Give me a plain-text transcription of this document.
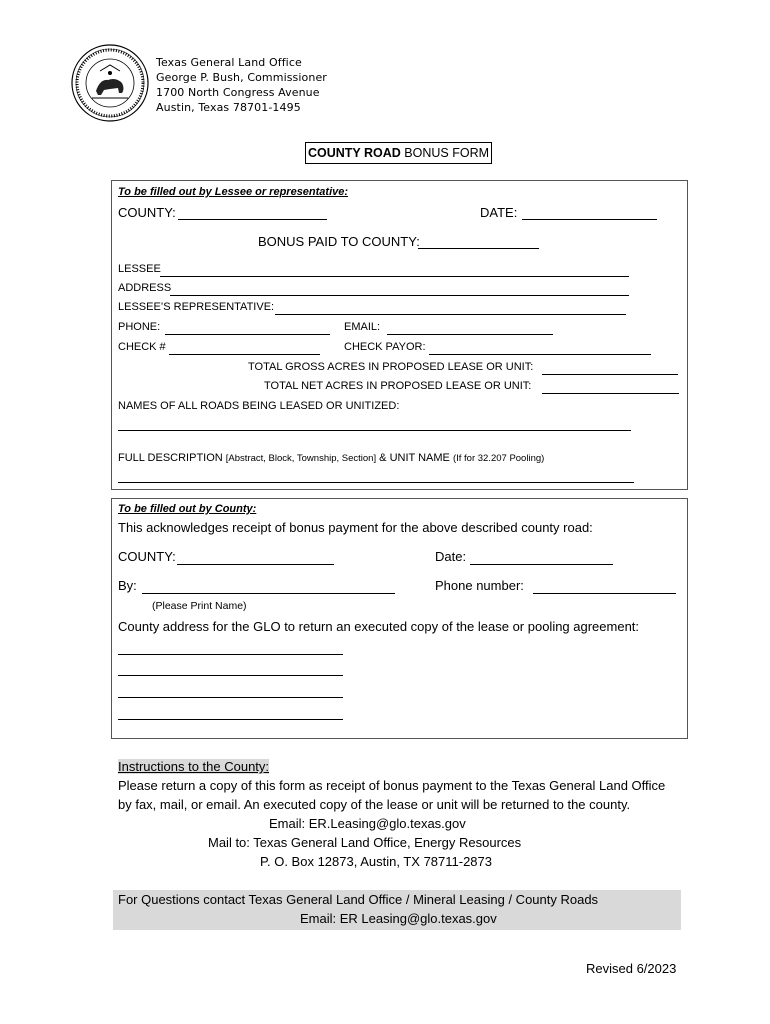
Texas General Land Office
George P. Bush, Commissioner
1700 North Congress Avenue
Austin, Texas 78701-1495
COUNTY ROAD BONUS FORM
To be filled out by Lessee or representative:
COUNTY:	DATE:
BONUS PAID TO COUNTY:
LESSEE
ADDRESS
LESSEE’S REPRESENTATIVE:
PHONE:	EMAIL:
CHECK #	CHECK PAYOR:
TOTAL GROSS ACRES IN PROPOSED LEASE OR UNIT:
TOTAL NET ACRES IN PROPOSED LEASE OR UNIT:
NAMES OF ALL ROADS BEING LEASED OR UNITIZED:
FULL DESCRIPTION [Abstract, Block, Township, Section] & UNIT NAME (If for 32.207 Pooling)
To be filled out by County:
This acknowledges receipt of bonus payment for the above described county road:
COUNTY:	Date:
By:	Phone number:
(Please Print Name)
County address for the GLO to return an executed copy of the lease or pooling agreement:
Instructions to the County:
Please return a copy of this form as receipt of bonus payment to the Texas General Land Office
by fax, mail, or email. An executed copy of the lease or unit will be returned to the county.
Email: ER.Leasing@glo.texas.gov
Mail to: Texas General Land Office, Energy Resources
P. O. Box 12873, Austin, TX 78711-2873
For Questions contact Texas General Land Office / Mineral Leasing / County Roads
Email: ER Leasing@glo.texas.gov
Revised 6/2023
